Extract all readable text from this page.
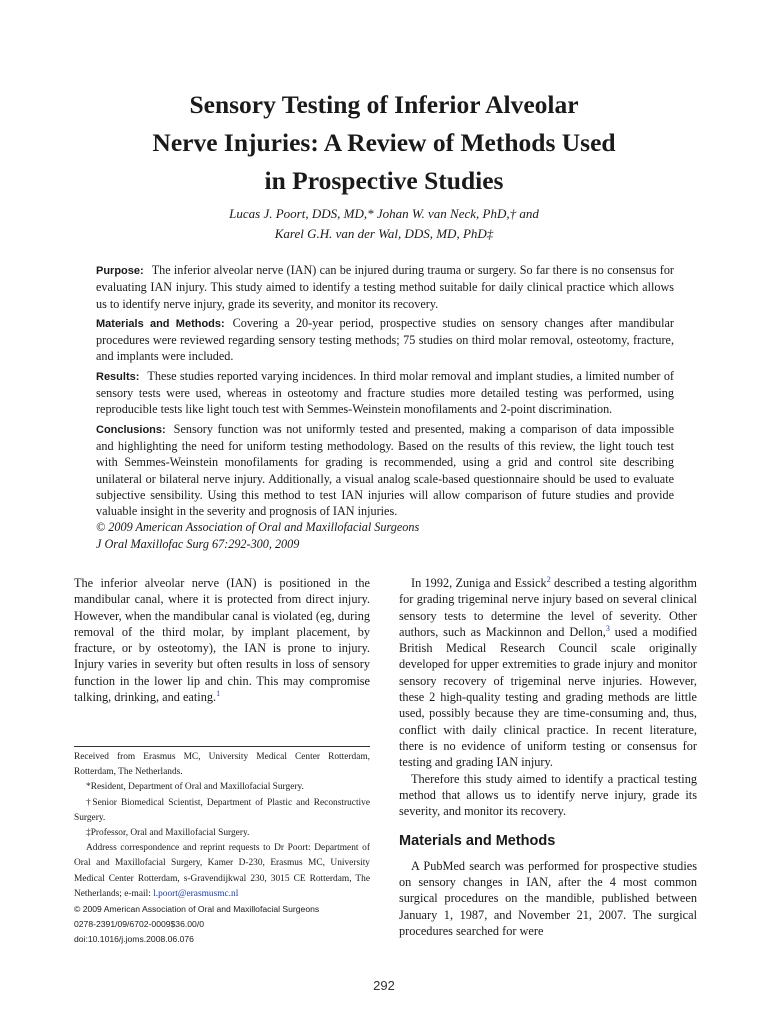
Sensory Testing of Inferior Alveolar
Nerve Injuries: A Review of Methods Used
in Prospective Studies
Lucas J. Poort, DDS, MD,* Johan W. van Neck, PhD,† and
Karel G.H. van der Wal, DDS, MD, PhD‡

Purpose: The inferior alveolar nerve (IAN) can be injured during trauma or surgery. So far there is no consensus for evaluating IAN injury. This study aimed to identify a testing method suitable for daily clinical practice which allows us to identify nerve injury, grade its severity, and monitor its recovery.

Materials and Methods: Covering a 20-year period, prospective studies on sensory changes after mandibular procedures were reviewed regarding sensory testing methods; 75 studies on third molar removal, osteotomy, fracture, and implants were included.

Results: These studies reported varying incidences. In third molar removal and implant studies, a limited number of sensory tests were used, whereas in osteotomy and fracture studies more detailed testing was performed, using reproducible tests like light touch test with Semmes-Weinstein monofilaments and 2-point discrimination.

Conclusions: Sensory function was not uniformly tested and presented, making a comparison of data impossible and highlighting the need for uniform testing methodology. Based on the results of this review, the light touch test with Semmes-Weinstein monofilaments for grading is recommended, using a grid and control site describing unilateral or bilateral nerve injury. Additionally, a visual analog scale-based questionnaire should be used to evaluate subjective sensibility. Using this method to test IAN injuries will allow comparison of future studies and provide valuable insight in the severity and prognosis of IAN injuries.

© 2009 American Association of Oral and Maxillofacial Surgeons

J Oral Maxillofac Surg 67:292-300, 2009

The inferior alveolar nerve (IAN) is positioned in the mandibular canal, where it is protected from direct injury. However, when the mandibular canal is violated (eg, during removal of the third molar, by implant placement, by fracture, or by osteotomy), the IAN is prone to injury. Injury varies in severity but often results in loss of sensory function in the lower lip and chin. This may compromise talking, drinking, and eating.$^1$

Received from Erasmus MC, University Medical Center Rotterdam, Rotterdam, The Netherlands.

*Resident, Department of Oral and Maxillofacial Surgery.

†Senior Biomedical Scientist, Department of Plastic and Reconstructive Surgery.

‡Professor, Oral and Maxillofacial Surgery.

Address correspondence and reprint requests to Dr Poort: Department of Oral and Maxillofacial Surgery, Kamer D-230, Erasmus MC, University Medical Center Rotterdam, s-Gravendijkwal 230, 3015 CE Rotterdam, The Netherlands; e-mail: l.poort@erasmusmc.nl

© 2009 American Association of Oral and Maxillofacial Surgeons

0278-2391/09/6702-0009$36.00/0

doi:10.1016/j.joms.2008.06.076

In 1992, Zuniga and Essick$^2$ described a testing algorithm for grading trigeminal nerve injury based on several clinical sensory tests to determine the level of severity. Other authors, such as Mackinnon and Dellon,$^3$ used a modified British Medical Research Council scale originally developed for upper extremities to grade injury and monitor sensory recovery of trigeminal nerve injuries. However, these 2 high-quality testing and grading methods are little used, possibly because they are time-consuming and, thus, conflict with daily clinical practice. In recent literature, there is no evidence of uniform testing or consensus for testing and grading IAN injury.

Therefore this study aimed to identify a practical testing method that allows us to identify nerve injury, grade its severity, and monitor its recovery.

Materials and Methods

A PubMed search was performed for prospective studies on sensory changes in IAN, after the 4 most common surgical procedures on the mandible, published between January 1, 1987, and November 21, 2007. The surgical procedures searched for were

292
